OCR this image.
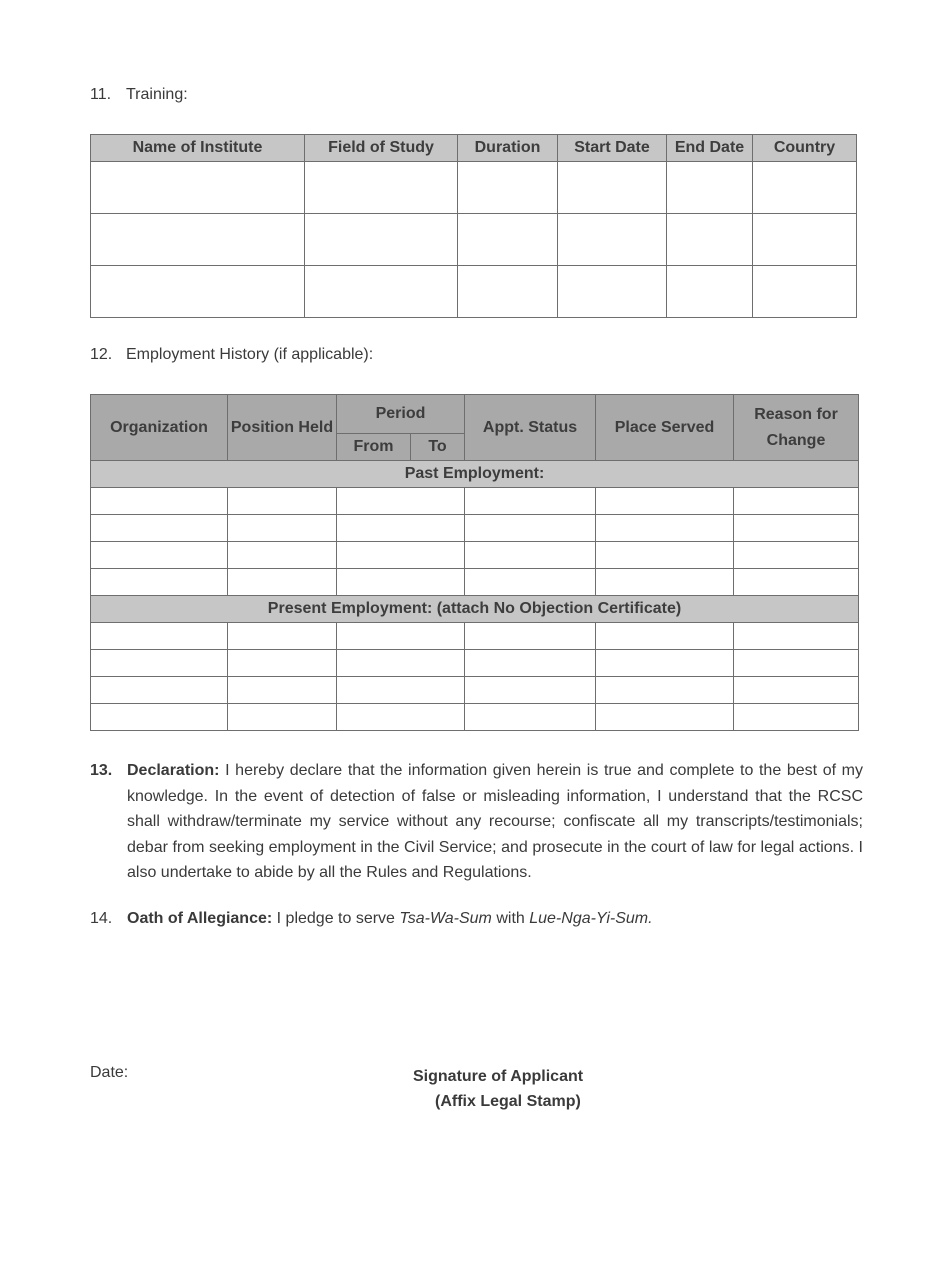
11. Training:
Name of Institute	Field of Study	Duration	Start Date	End Date	Country

12. Employment History (if applicable):
Organization	Position Held	Period		Appt. Status	Place Served	Reason for Change
		From	To			
Past Employment:						

Present Employment: (attach No Objection Certificate)						

13. Declaration: I hereby declare that the information given herein is true and complete to the best of my knowledge. In the event of detection of false or misleading information, I understand that the RCSC shall withdraw/terminate my service without any recourse; confiscate all my transcripts/testimonials; debar from seeking employment in the Civil Service; and prosecute in the court of law for legal actions. I also undertake to abide by all the Rules and Regulations.
14. Oath of Allegiance: I pledge to serve Tsa-Wa-Sum with Lue-Nga-Yi-Sum.
Date:	Signature of Applicant
(Affix Legal Stamp)
